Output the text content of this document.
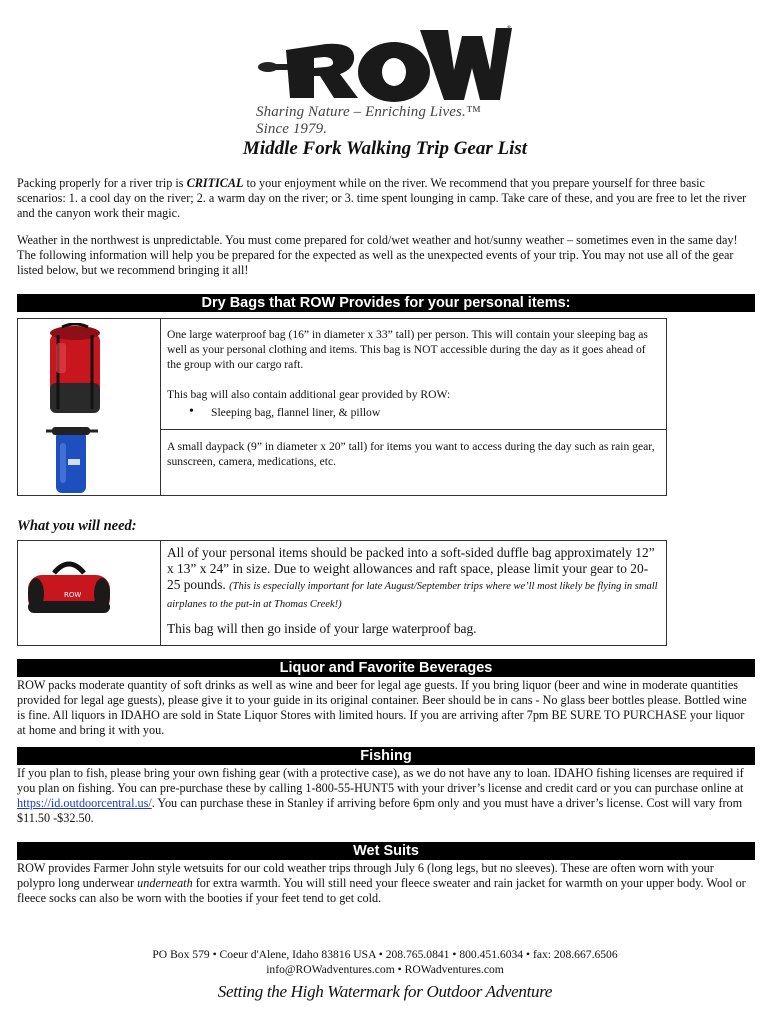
®
Sharing Nature – Enriching Lives.™ Since 1979.
Middle Fork Walking Trip Gear List

Packing properly for a river trip is CRITICAL to your enjoyment while on the river. We recommend that you prepare yourself for three basic scenarios: 1. a cool day on the river; 2. a warm day on the river; or 3. time spent lounging in camp. Take care of these, and you are free to let the river and the canyon work their magic.

Weather in the northwest is unpredictable. You must come prepared for cold/wet weather and hot/sunny weather – sometimes even in the same day! The following information will help you be prepared for the expected as well as the unexpected events of your trip. You may not use all of the gear listed below, but we recommend bringing it all!

Dry Bags that ROW Provides for your personal items:
One large waterproof bag (16” in diameter x 33” tall) per person. This will contain your sleeping bag as well as your personal clothing and items. This bag is NOT accessible during the day as it goes ahead of the group with our cargo raft.
This bag will also contain additional gear provided by ROW:
• Sleeping bag, flannel liner, & pillow
A small daypack (9” in diameter x 20” tall) for items you want to access during the day such as rain gear, sunscreen, camera, medications, etc.
What you will need:
ROW
All of your personal items should be packed into a soft-sided duffle bag approximately 12” x 13” x 24” in size. Due to weight allowances and raft space, please limit your gear to 20-25 pounds. (This is especially important for late August/September trips where we’ll most likely be flying in small airplanes to the put-in at Thomas Creek!)
This bag will then go inside of your large waterproof bag.
Liquor and Favorite Beverages

ROW packs moderate quantity of soft drinks as well as wine and beer for legal age guests. If you bring liquor (beer and wine in moderate quantities provided for legal age guests), please give it to your guide in its original container. Beer should be in cans - No glass beer bottles please. Bottled wine is fine. All liquors in IDAHO are sold in State Liquor Stores with limited hours. If you are arriving after 7pm BE SURE TO PURCHASE your liquor at home and bring it with you.

Fishing

If you plan to fish, please bring your own fishing gear (with a protective case), as we do not have any to loan. IDAHO fishing licenses are required if you plan on fishing. You can pre-purchase these by calling 1-800-55-HUNT5 with your driver’s license and credit card or you can purchase online at https://id.outdoorcentral.us/. You can purchase these in Stanley if arriving before 6pm only and you must have a driver’s license. Cost will vary from $11.50 -$32.50.

Wet Suits

ROW provides Farmer John style wetsuits for our cold weather trips through July 6 (long legs, but no sleeves). These are often worn with your polypro long underwear underneath for extra warmth. You will still need your fleece sweater and rain jacket for warmth on your upper body. Wool or fleece socks can also be worn with the booties if your feet tend to get cold.

PO Box 579 • Coeur d'Alene, Idaho 83816 USA • 208.765.0841 • 800.451.6034 • fax: 208.667.6506
info@ROWadventures.com • ROWadventures.com
Setting the High Watermark for Outdoor Adventure
